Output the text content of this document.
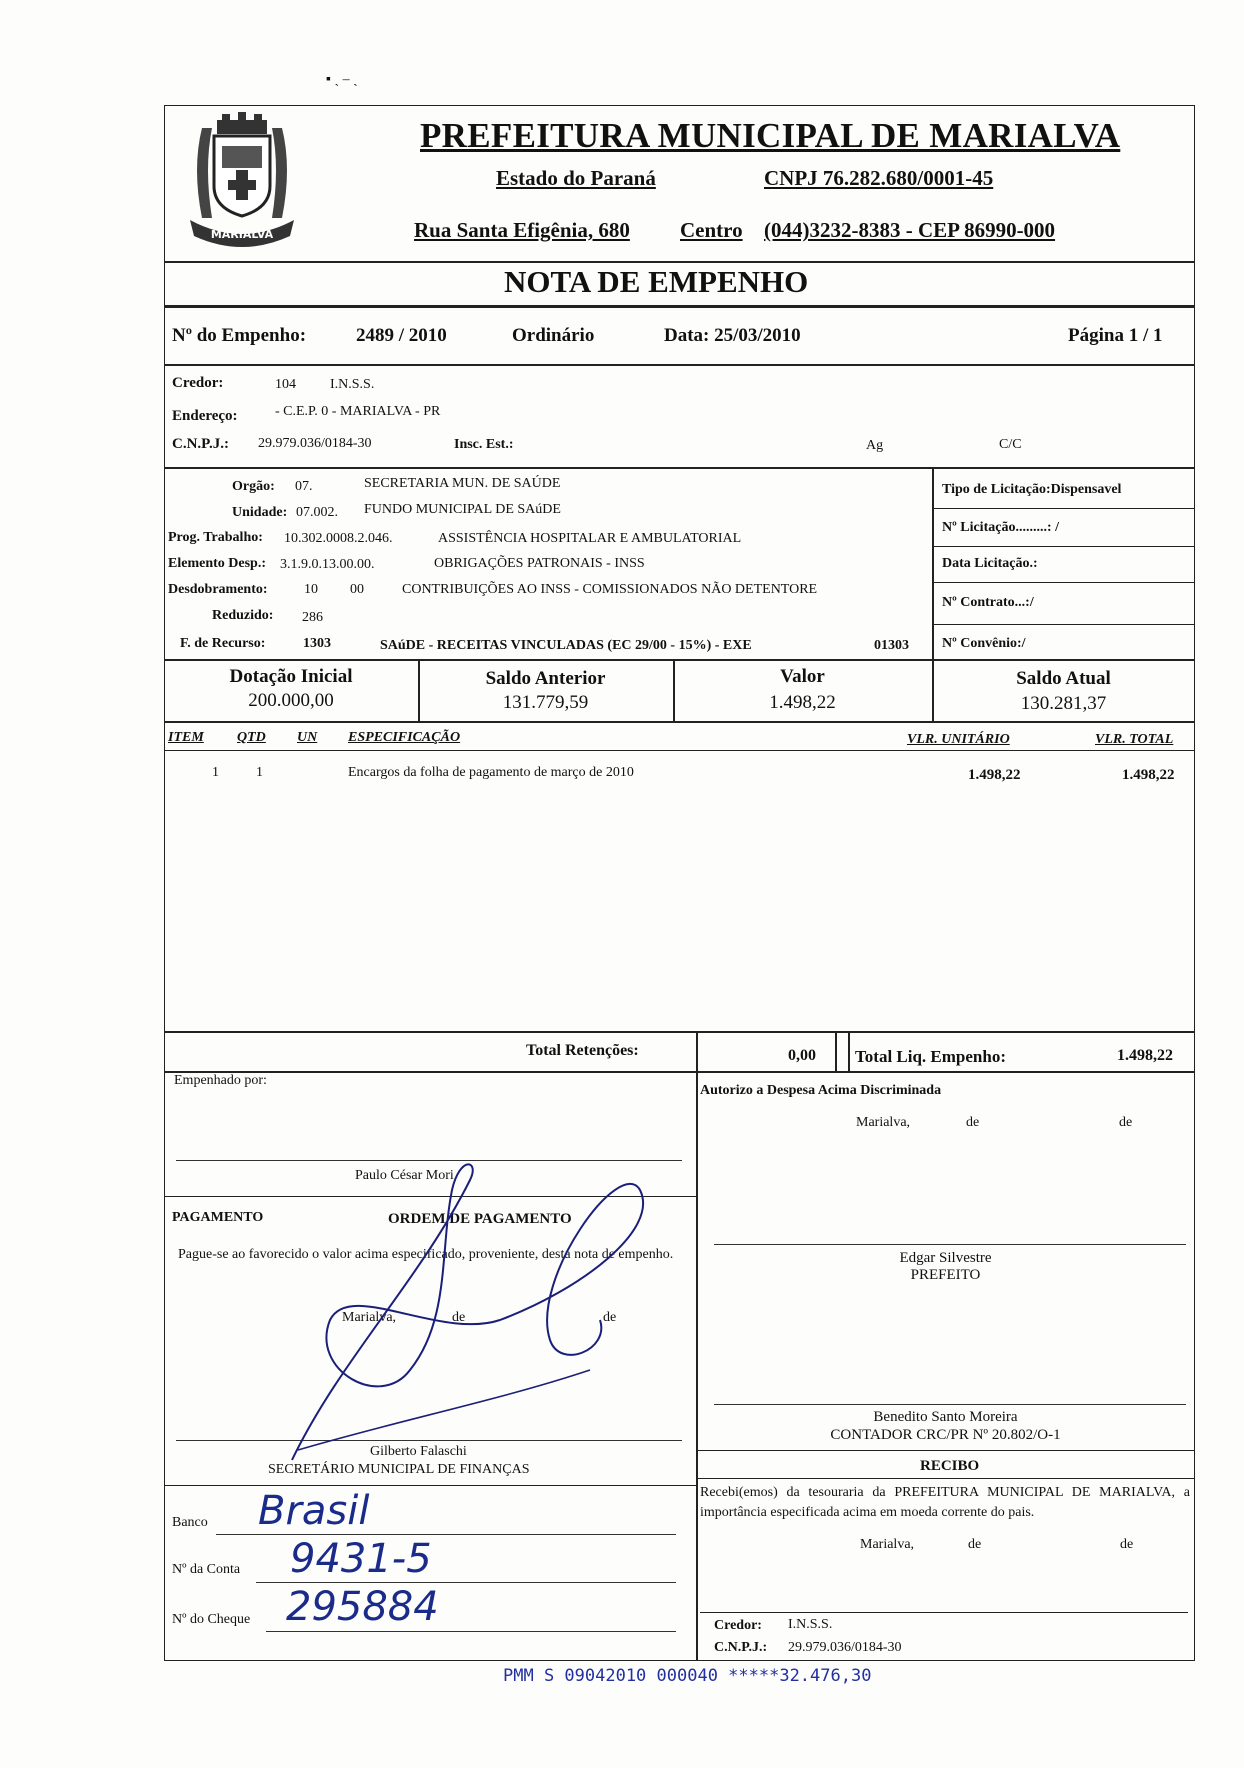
▪ ˏ ‒ ˎ
MARIALVA
PREFEITURA MUNICIPAL DE MARIALVA
Estado do Paraná	CNPJ 76.282.680/0001-45
Rua Santa Efigênia, 680 Centro (044)3232-8383 - CEP 86990-000
NOTA DE EMPENHO
Nº do Empenho:	2489 / 2010	Ordinário	Data: 25/03/2010	Página 1 / 1
Credor:	104 I.N.S.S.
Endereço:	- C.E.P. 0 - MARIALVA - PR
C.N.P.J.: 29.979.036/0184-30	Insc. Est.:	Ag	C/C
Orgão: 07.	SECRETARIA MUN. DE SAÚDE
Unidade: 07.002. FUNDO MUNICIPAL DE SAúDE
Prog. Trabalho: 10.302.0008.2.046.	ASSISTÊNCIA HOSPITALAR E AMBULATORIAL
Elemento Desp.: 3.1.9.0.13.00.00.	OBRIGAÇÕES PATRONAIS - INSS
Desdobramento:	10 00	CONTRIBUIÇÕES AO INSS - COMISSIONADOS NÃO DETENTORE
Reduzido: 286
F. de Recurso:	1303	SAúDE - RECEITAS VINCULADAS (EC 29/00 - 15%) - EXE	01303
Tipo de Licitação:Dispensavel
Nº Licitação.........: /
Data Licitação.:
Nº Contrato...:/
Nº Convênio:/
Dotação Inicial
200.000,00
Saldo Anterior
131.779,59
Valor
1.498,22
Saldo Atual
130.281,37
ITEM QTD UN ESPECIFICAÇÃO	VLR. UNITÁRIO	VLR. TOTAL
1	1	Encargos da folha de pagamento de março de 2010	1.498,22	1.498,22
Total Retenções:	0,00 Total Liq. Empenho:	1.498,22
Empenhado por:
Paulo César Mori
Autorizo a Despesa Acima Discriminada
Marialva,	de	de
Edgar Silvestre
PREFEITO
Benedito Santo Moreira
CONTADOR CRC/PR Nº 20.802/O-1
PAGAMENTO	ORDEM DE PAGAMENTO
Pague-se ao favorecido o valor acima especificado, proveniente, desta nota de empenho.
Marialva,	de	de
Gilberto Falaschi
SECRETÁRIO MUNICIPAL DE FINANÇAS	RECIBO
Recebi(emos) da tesouraria da PREFEITURA MUNICIPAL DE MARIALVA, a importância especificada acima em moeda corrente do pais.
Marialva,	de	de
Credor: I.N.S.S.
C.N.P.J.: 29.979.036/0184-30
Banco Brasil
Nº da Conta 9431-5
Nº do Cheque 295884
PMM S 09042010 000040 *****32.476,30
